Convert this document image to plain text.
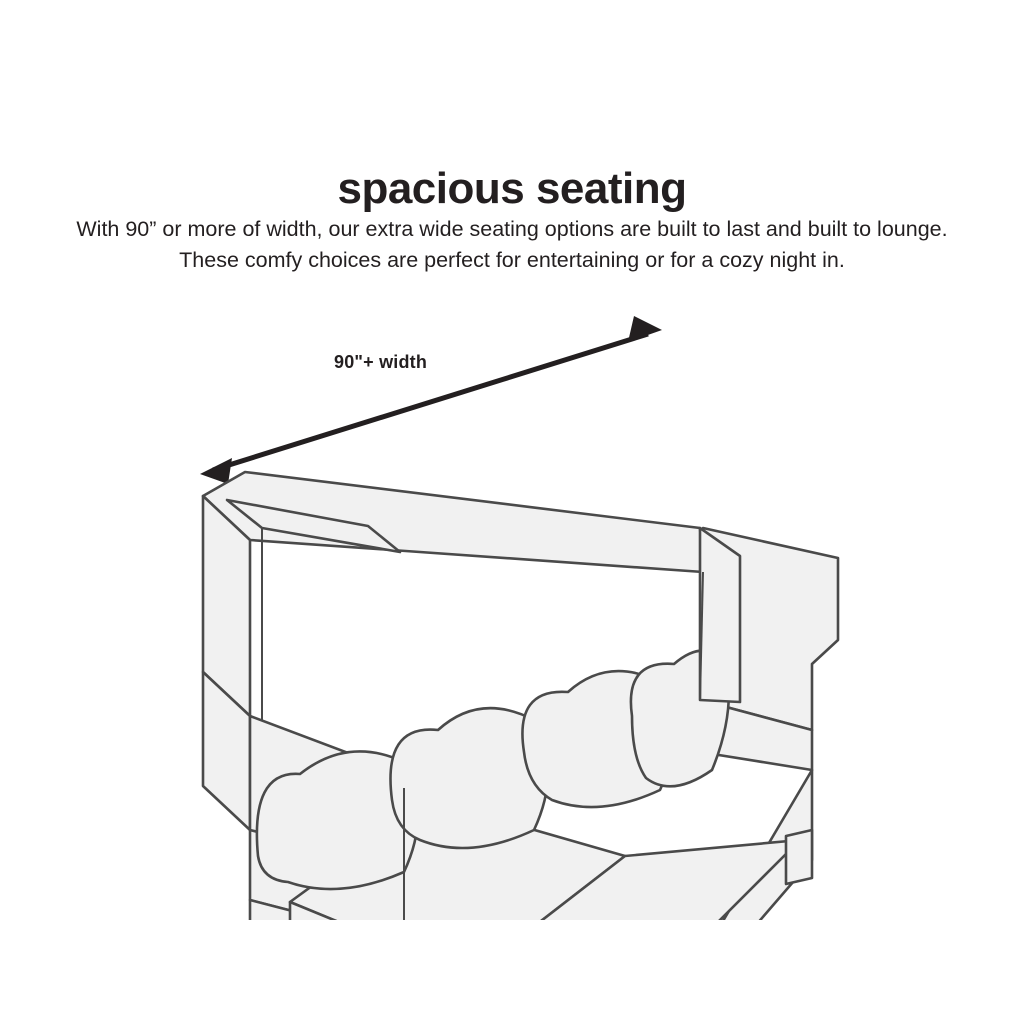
spacious seating
With 90” or more of width, our extra wide seating options are built to last and built to lounge.
These comfy choices are perfect for entertaining or for a cozy night in.
90"+ width
